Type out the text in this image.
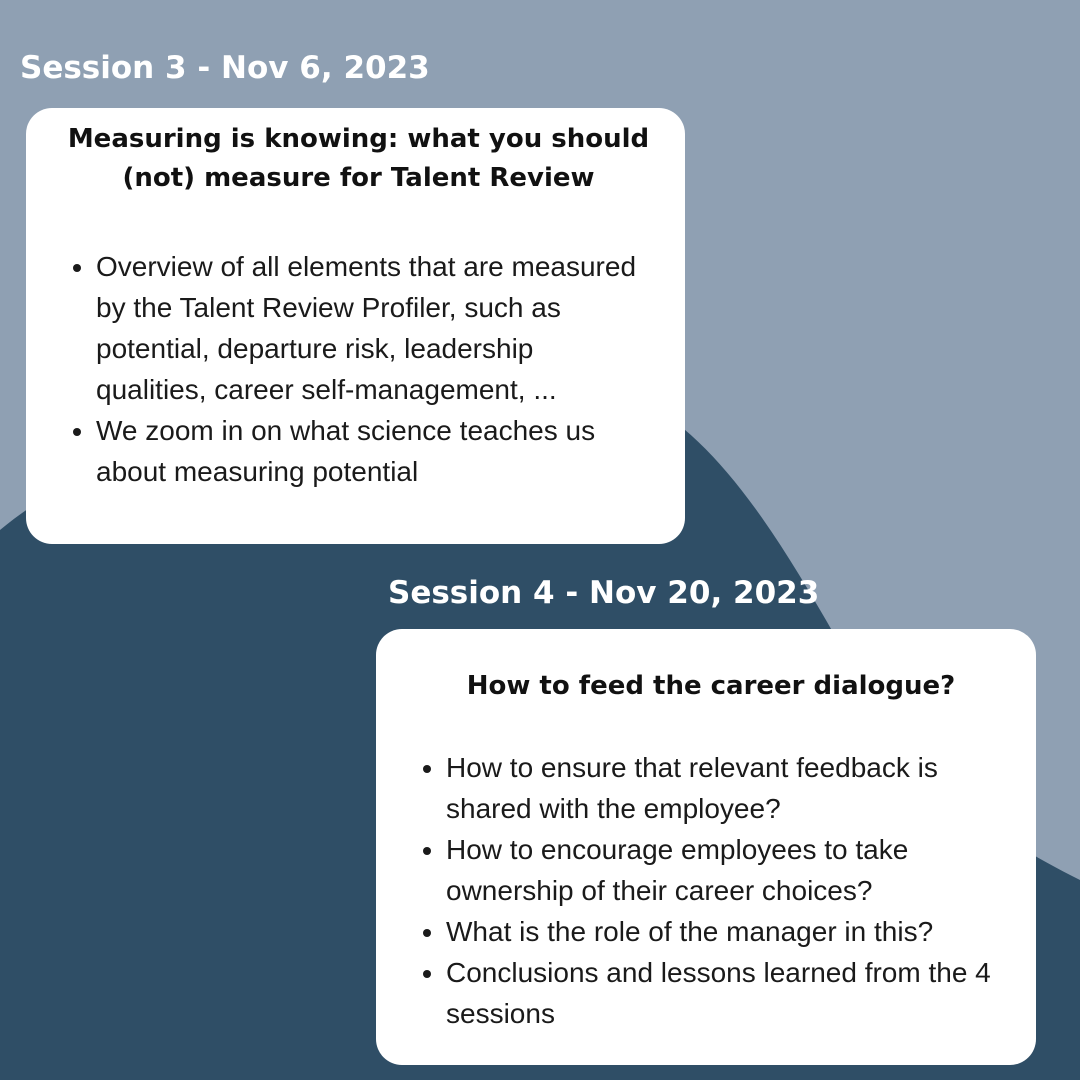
Session 3 - Nov 6, 2023
Measuring is knowing: what you should
(not) measure for Talent Review
• Overview of all elements that are measured by the Talent Review Profiler, such as potential, departure risk, leadership qualities, career self-management, ...
• We zoom in on what science teaches us about measuring potential
Session 4 - Nov 20, 2023
How to feed the career dialogue?
• How to ensure that relevant feedback is shared with the employee?
• How to encourage employees to take ownership of their career choices?
• What is the role of the manager in this?
• Conclusions and lessons learned from the 4 sessions
